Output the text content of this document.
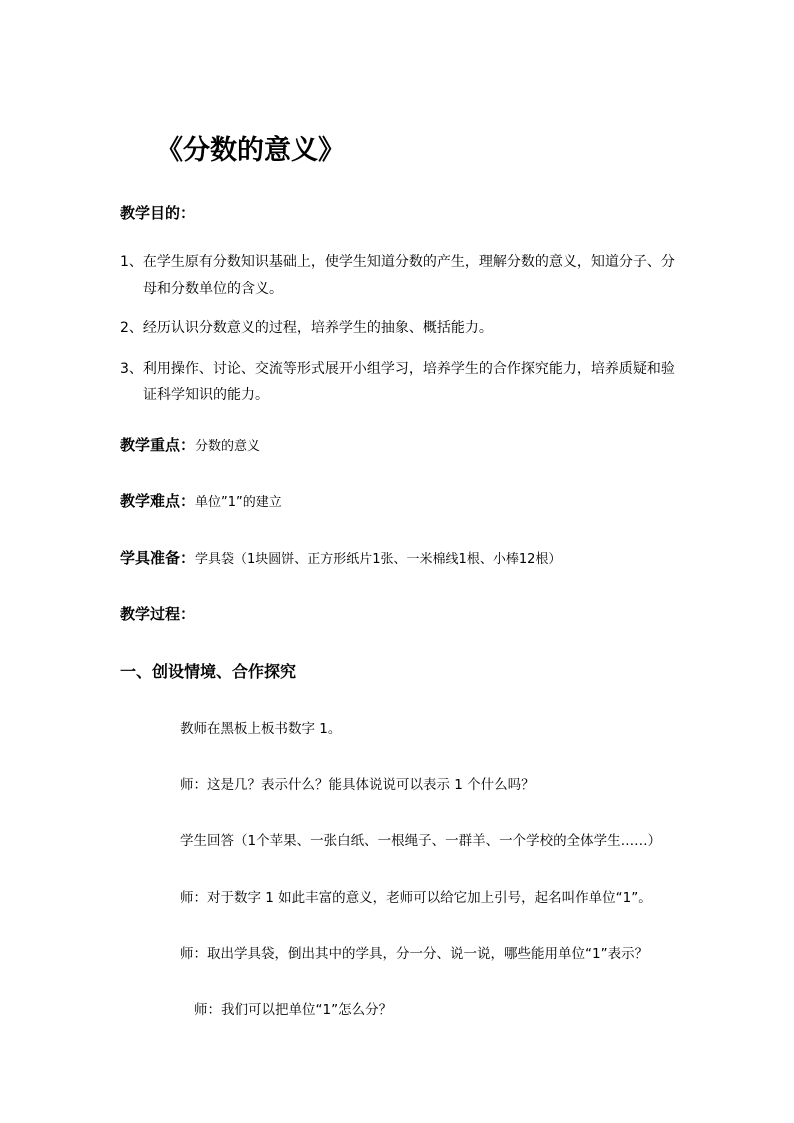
《分数的意义》
教学目的：
1、在学生原有分数知识基础上，使学生知道分数的产生，理解分数的意义，知道分子、分
母和分数单位的含义。
2、经历认识分数意义的过程，培养学生的抽象、概括能力。
3、利用操作、讨论、交流等形式展开小组学习，培养学生的合作探究能力，培养质疑和验
证科学知识的能力。
教学重点：分数的意义
教学难点：单位”1”的建立
学具准备：学具袋（1块圆饼、正方形纸片1张、一米棉线1根、小棒12根）
教学过程：
一、创设情境、合作探究
教师在黑板上板书数字 1。
师：这是几？表示什么？能具体说说可以表示 1 个什么吗？
学生回答（1个苹果、一张白纸、一根绳子、一群羊、一个学校的全体学生……）
师：对于数字 1 如此丰富的意义，老师可以给它加上引号，起名叫作单位“1”。
师：取出学具袋，倒出其中的学具，分一分、说一说，哪些能用单位“1”表示？
师：我们可以把单位“1”怎么分？
